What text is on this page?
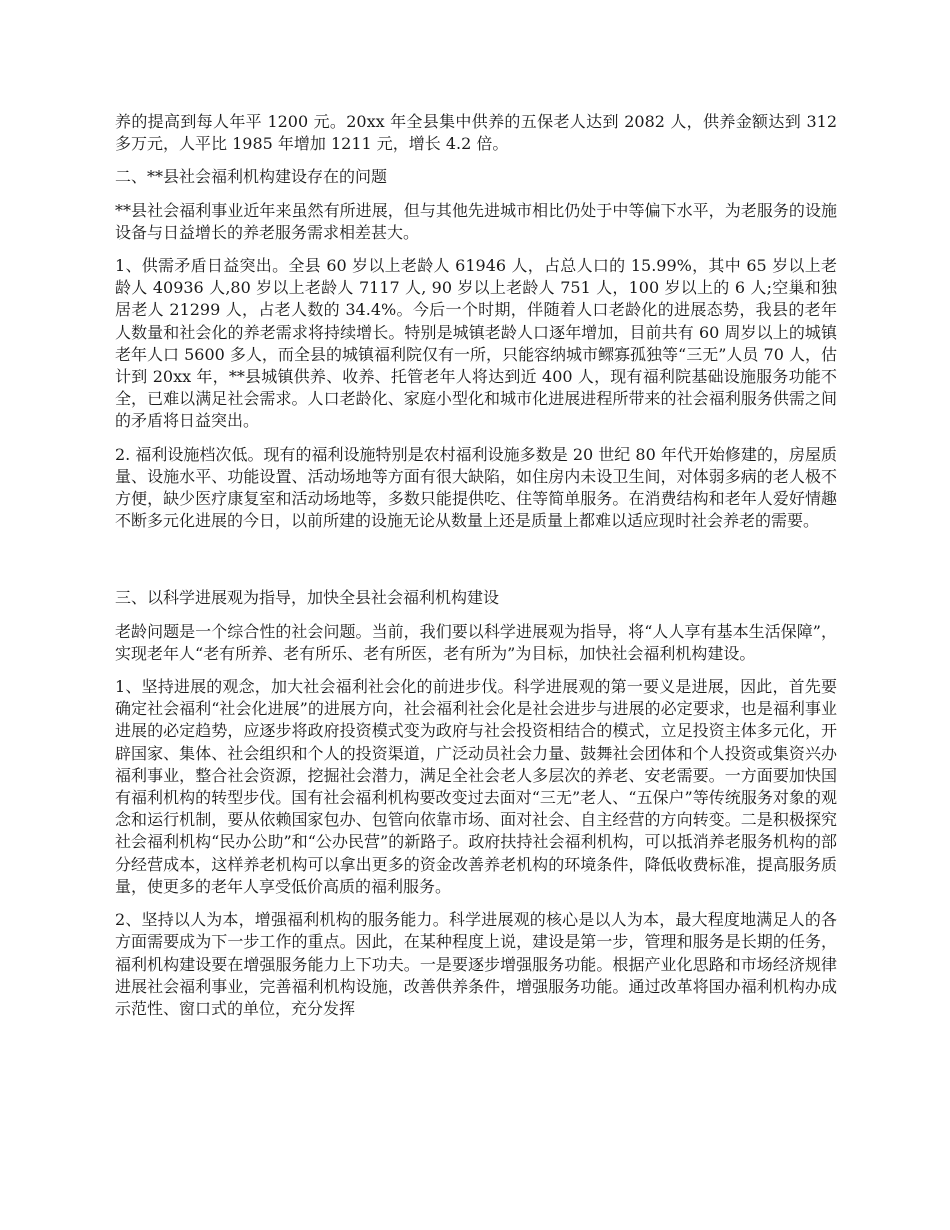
养的提高到每人年平 1200 元。20xx 年全县集中供养的五保老人达到 2082 人，供养金额达到 312 多万元，人平比 1985 年增加 1211 元，增长 4.2 倍。

二、**县社会福利机构建设存在的问题

**县社会福利事业近年来虽然有所进展，但与其他先进城市相比仍处于中等偏下水平，为老服务的设施设备与日益增长的养老服务需求相差甚大。

1、供需矛盾日益突出。全县 60 岁以上老龄人 61946 人，占总人口的 15.99%，其中 65 岁以上老龄人 40936 人,80 岁以上老龄人 7117 人, 90 岁以上老龄人 751 人，100 岁以上的 6 人;空巢和独居老人 21299 人，占老人数的 34.4%。今后一个时期，伴随着人口老龄化的进展态势，我县的老年人数量和社会化的养老需求将持续增长。特别是城镇老龄人口逐年增加，目前共有 60 周岁以上的城镇老年人口 5600 多人，而全县的城镇福利院仅有一所，只能容纳城市鳏寡孤独等“三无”人员 70 人，估计到 20xx 年，**县城镇供养、收养、托管老年人将达到近 400 人，现有福利院基础设施服务功能不全，已难以满足社会需求。人口老龄化、家庭小型化和城市化进展进程所带来的社会福利服务供需之间的矛盾将日益突出。

2. 福利设施档次低。现有的福利设施特别是农村福利设施多数是 20 世纪 80 年代开始修建的，房屋质量、设施水平、功能设置、活动场地等方面有很大缺陷，如住房内未设卫生间，对体弱多病的老人极不方便，缺少医疗康复室和活动场地等，多数只能提供吃、住等简单服务。在消费结构和老年人爱好情趣不断多元化进展的今日，以前所建的设施无论从数量上还是质量上都难以适应现时社会养老的需要。

三、以科学进展观为指导，加快全县社会福利机构建设

老龄问题是一个综合性的社会问题。当前，我们要以科学进展观为指导，将“人人享有基本生活保障”，实现老年人“老有所养、老有所乐、老有所医，老有所为”为目标，加快社会福利机构建设。

1、坚持进展的观念，加大社会福利社会化的前进步伐。科学进展观的第一要义是进展，因此，首先要确定社会福利“社会化进展”的进展方向，社会福利社会化是社会进步与进展的必定要求，也是福利事业进展的必定趋势，应逐步将政府投资模式变为政府与社会投资相结合的模式，立足投资主体多元化，开辟国家、集体、社会组织和个人的投资渠道，广泛动员社会力量、鼓舞社会团体和个人投资或集资兴办福利事业，整合社会资源，挖掘社会潜力，满足全社会老人多层次的养老、安老需要。一方面要加快国有福利机构的转型步伐。国有社会福利机构要改变过去面对“三无”老人、“五保户”等传统服务对象的观念和运行机制，要从依赖国家包办、包管向依靠市场、面对社会、自主经营的方向转变。二是积极探究社会福利机构“民办公助”和“公办民营”的新路子。政府扶持社会福利机构，可以抵消养老服务机构的部分经营成本，这样养老机构可以拿出更多的资金改善养老机构的环境条件，降低收费标准，提高服务质量，使更多的老年人享受低价高质的福利服务。

2、坚持以人为本，增强福利机构的服务能力。科学进展观的核心是以人为本，最大程度地满足人的各方面需要成为下一步工作的重点。因此，在某种程度上说，建设是第一步，管理和服务是长期的任务，福利机构建设要在增强服务能力上下功夫。一是要逐步增强服务功能。根据产业化思路和市场经济规律进展社会福利事业，完善福利机构设施，改善供养条件，增强服务功能。通过改革将国办福利机构办成示范性、窗口式的单位，充分发挥
